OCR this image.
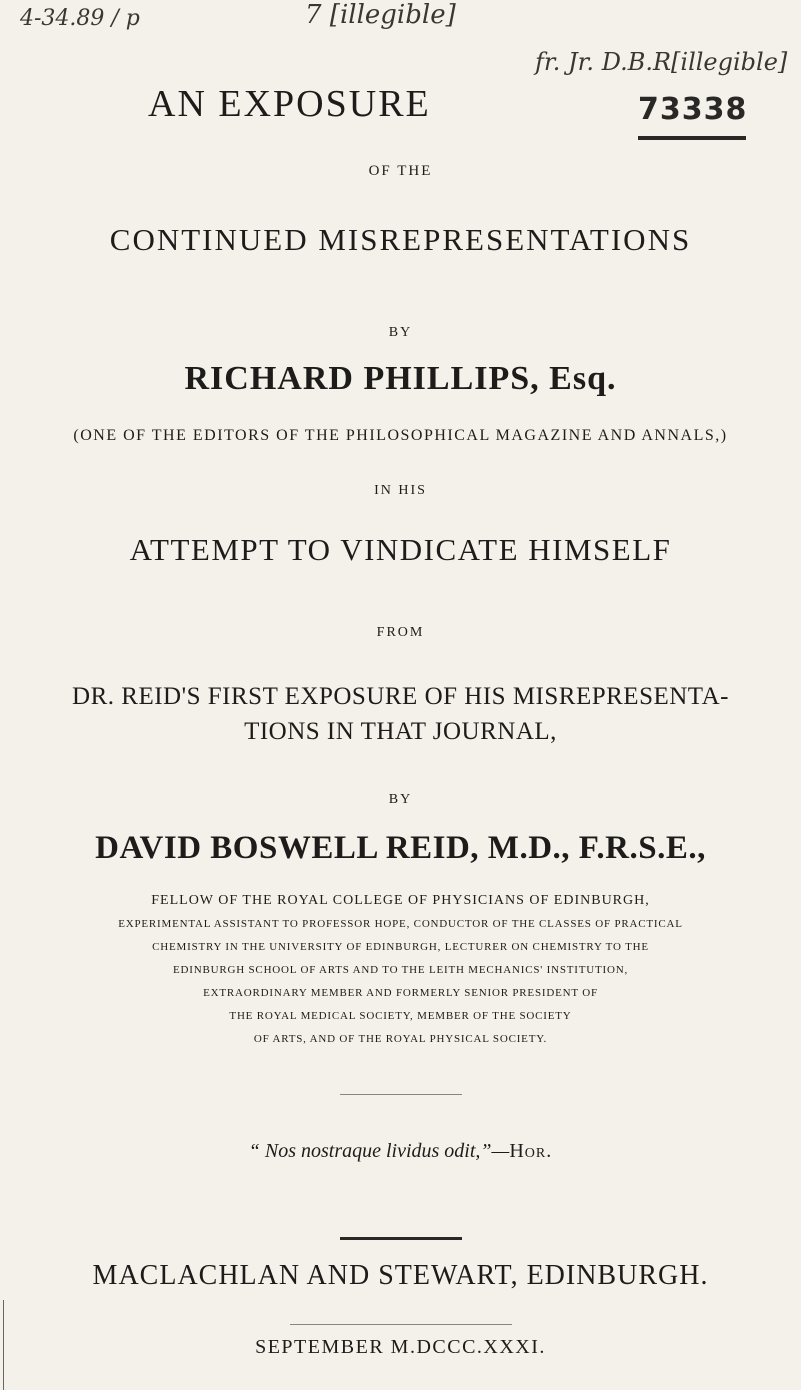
4-34.89 / p	7 [illegible]
fr. Jr. D.B.R[illegible]
73338
AN EXPOSURE
OF THE
CONTINUED MISREPRESENTATIONS
BY
RICHARD PHILLIPS, Esq.
(ONE OF THE EDITORS OF THE PHILOSOPHICAL MAGAZINE AND ANNALS,)
IN HIS
ATTEMPT TO VINDICATE HIMSELF
FROM
DR. REID'S FIRST EXPOSURE OF HIS MISREPRESENTA-
TIONS IN THAT JOURNAL,
BY
DAVID BOSWELL REID, M.D., F.R.S.E.,
FELLOW OF THE ROYAL COLLEGE OF PHYSICIANS OF EDINBURGH,
EXPERIMENTAL ASSISTANT TO PROFESSOR HOPE, CONDUCTOR OF THE CLASSES OF PRACTICAL
CHEMISTRY IN THE UNIVERSITY OF EDINBURGH, LECTURER ON CHEMISTRY TO THE
EDINBURGH SCHOOL OF ARTS AND TO THE LEITH MECHANICS' INSTITUTION,
EXTRAORDINARY MEMBER AND FORMERLY SENIOR PRESIDENT OF
THE ROYAL MEDICAL SOCIETY, MEMBER OF THE SOCIETY
OF ARTS, AND OF THE ROYAL PHYSICAL SOCIETY.
“ Nos nostraque lividus odit,”—Hor.
MACLACHLAN AND STEWART, EDINBURGH.
SEPTEMBER M.DCCC.XXXI.
